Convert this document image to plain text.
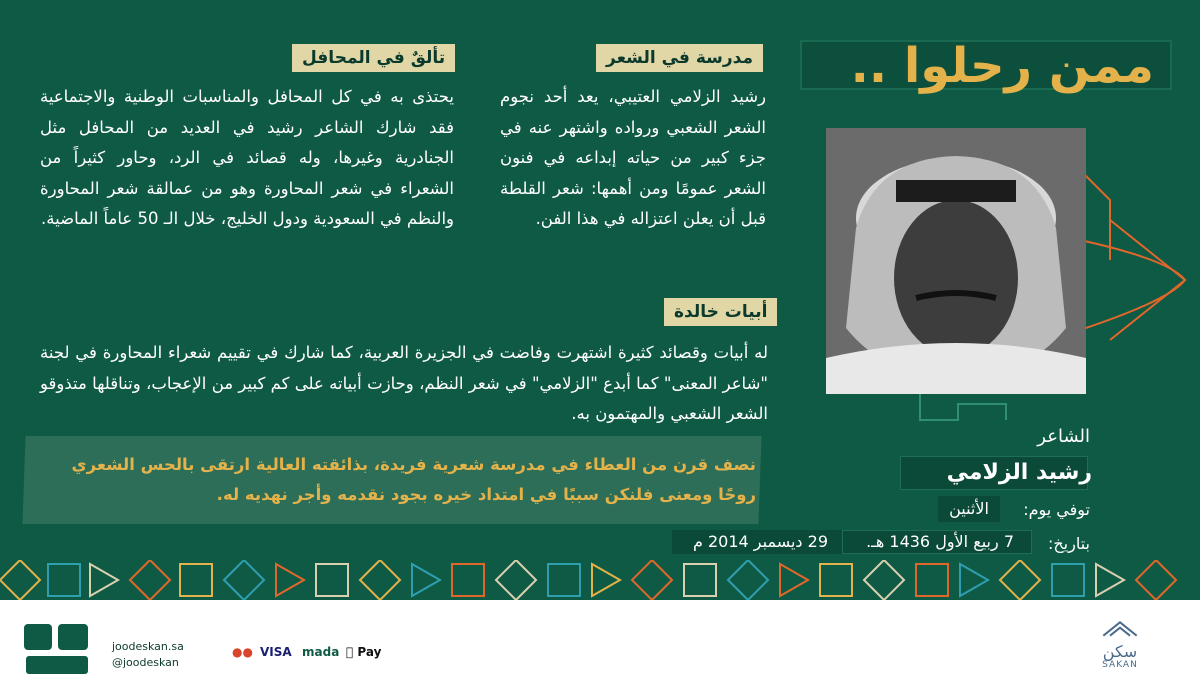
ممن رحلوا ..
مدرسة في الشعر
تألقٌ في المحافل
أبيات خالدة
رشيد الزلامي العتيبي، يعد أحد نجوم الشعر الشعبي ورواده واشتهر عنه في جزء كبير من حياته إبداعه في فنون الشعر عمومًا ومن أهمها: شعر القلطة قبل أن يعلن اعتزاله في هذا الفن.
يحتذى به في كل المحافل والمناسبات الوطنية والاجتماعية فقد شارك الشاعر رشيد في العديد من المحافل مثل الجنادرية وغيرها، وله قصائد في الرد، وحاور كثيراً من الشعراء في شعر المحاورة وهو من عمالقة شعر المحاورة والنظم في السعودية ودول الخليج، خلال الـ 50 عاماً الماضية.
له أبيات وقصائد كثيرة اشتهرت وفاضت في الجزيرة العربية، كما شارك في تقييم شعراء المحاورة في لجنة "شاعر المعنى" كما أبدع "الزلامي" في شعر النظم، وحازت أبياته على كم كبير من الإعجاب، وتناقلها متذوقو الشعر الشعبي والمهتمون به.
الشاعر
رشيد الزلامي
توفي يوم:
الأثنين
بتاريخ:
7 ربيع الأول 1436 هـ.
29 ديسمبر 2014 م
نصف قرن من العطاء في مدرسة شعرية فريدة، بذائقته العالية ارتقى بالحس الشعري روحًا ومعنى فلنكن سببًا في امتداد خيره بجود نقدمه وأجر نهديه له.
joodeskan.sa
@joodeskan
●● VISA mada Pay	سكن
SAKAN
